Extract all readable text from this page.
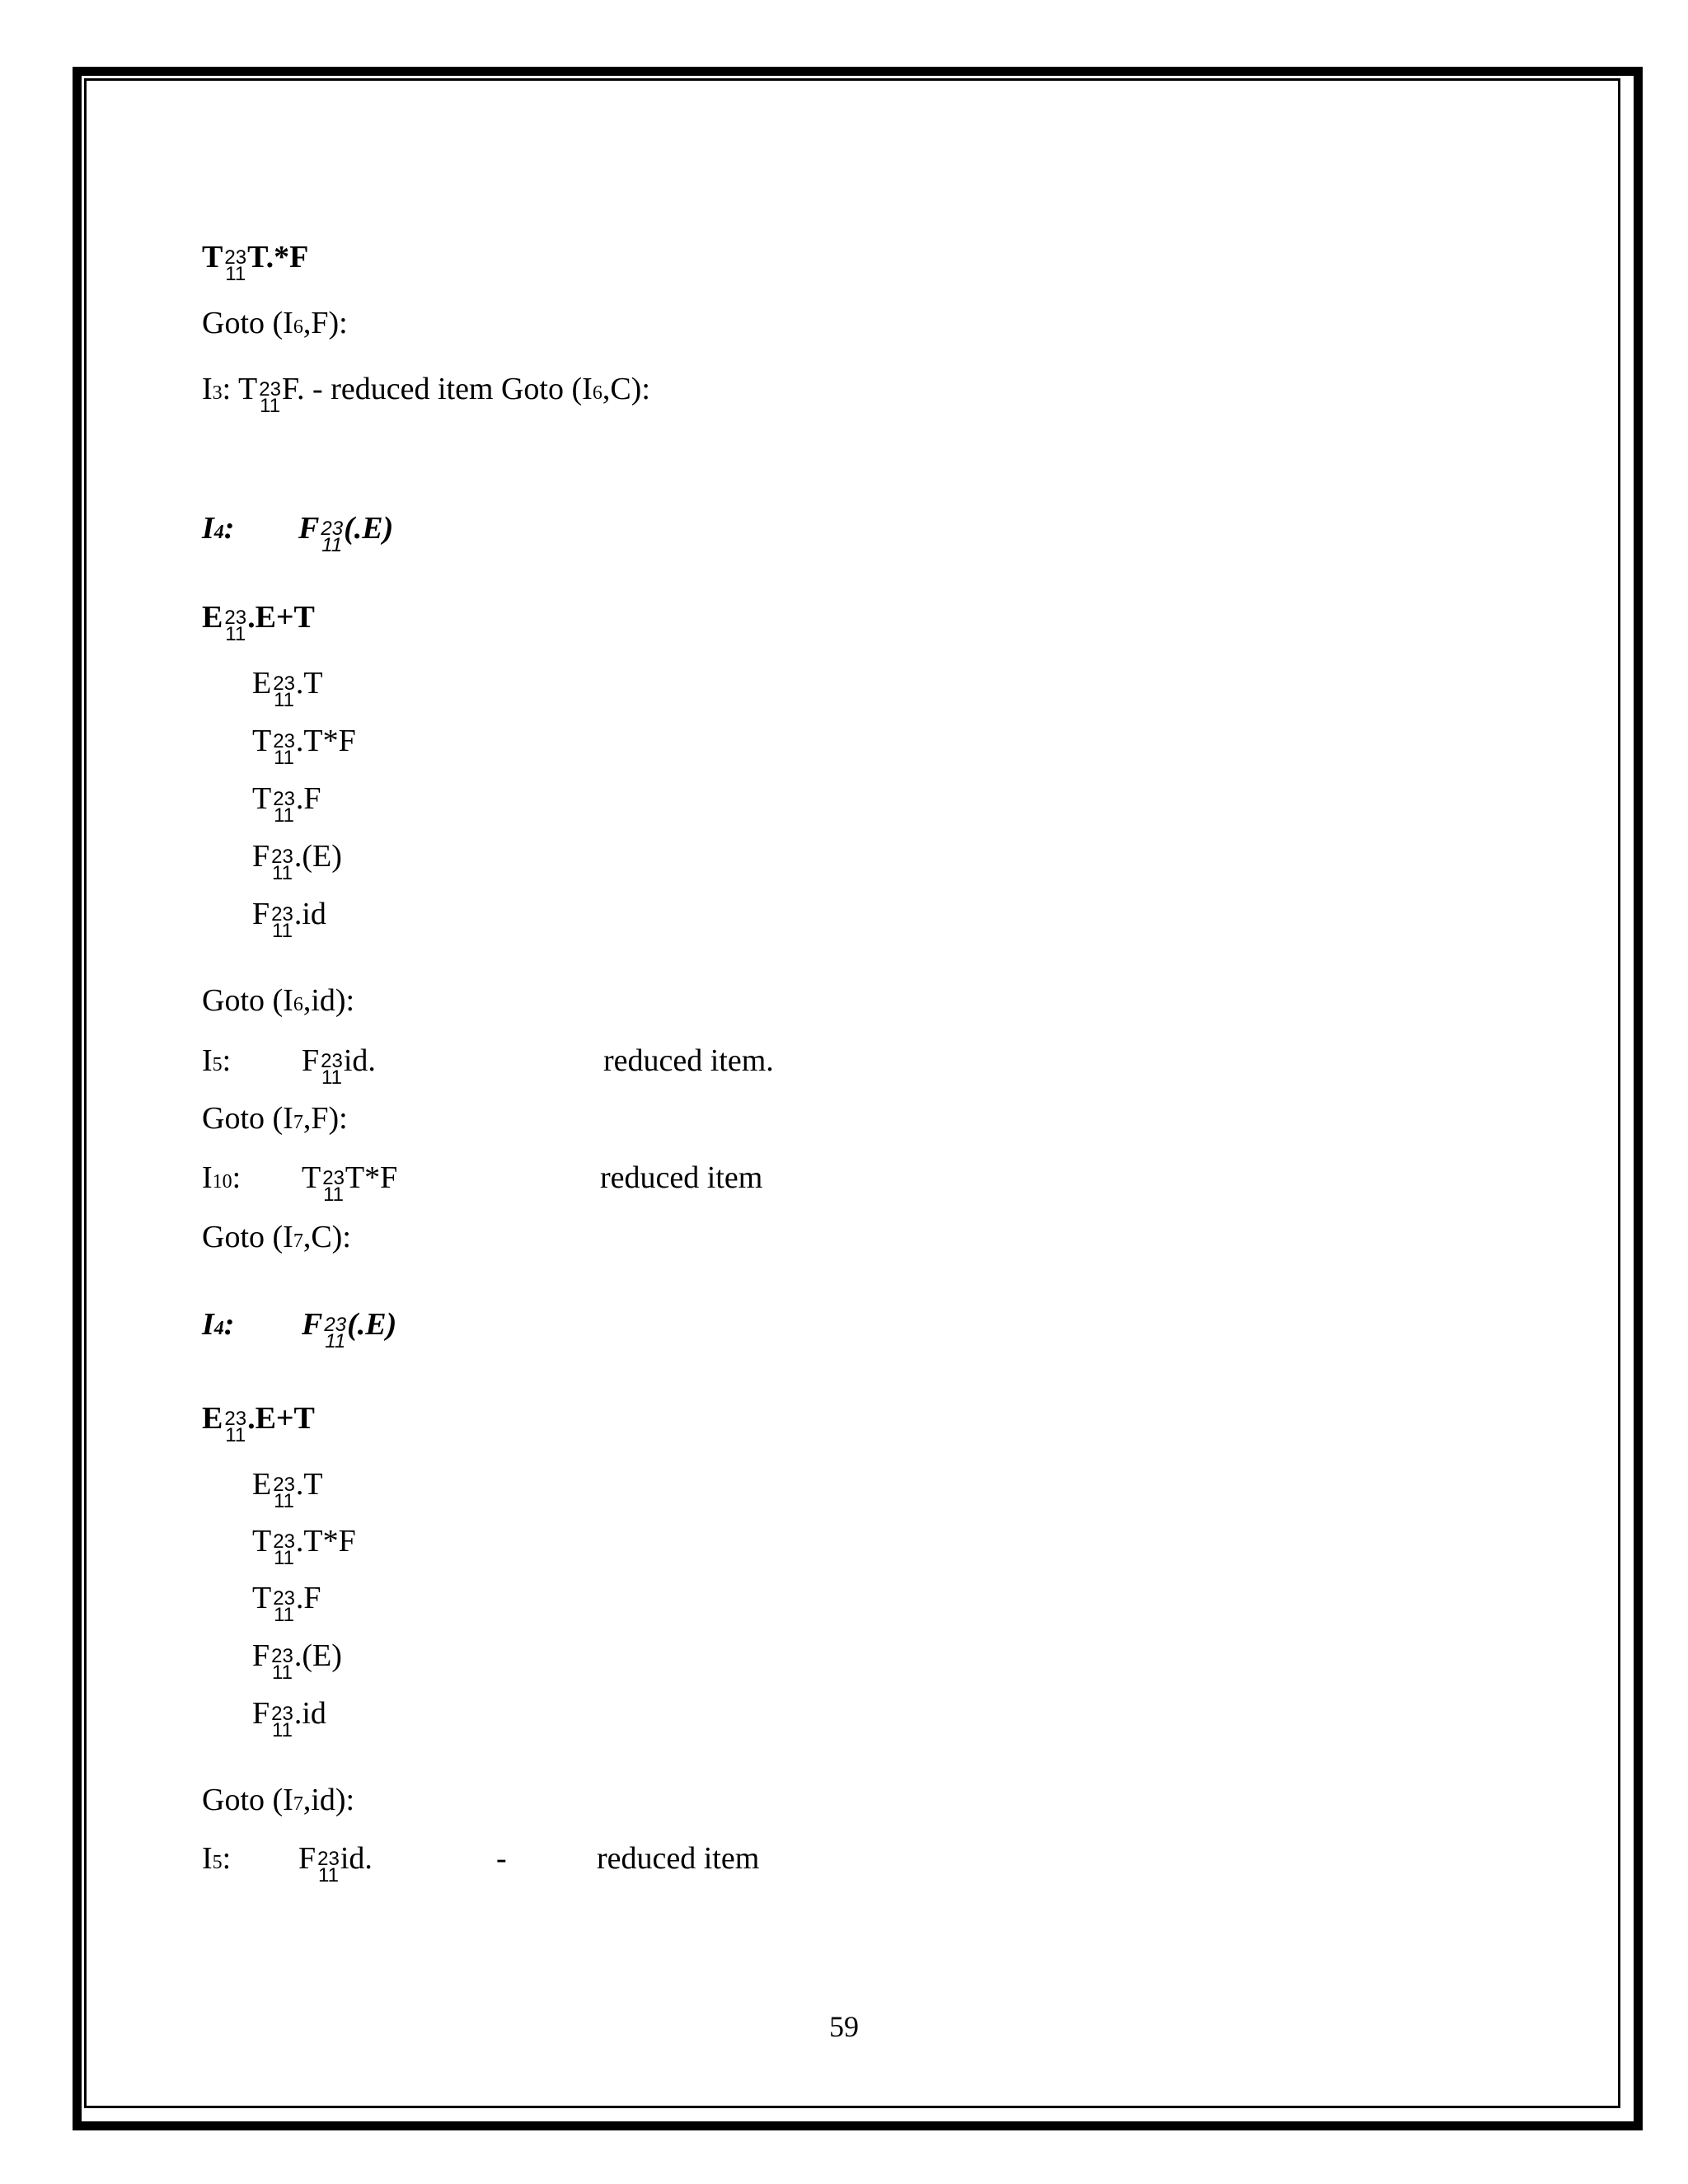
T 23
11 T.*F
Goto (I 6 ,F):
I 3 : T 23
11 F. - reduced item Goto (I 6 ,C):
I 4 : F 23
11 (.E)
E 23
11 .E+T
E 23
11 .T
T 23
11 .T*F
T 23
11 .F
F 23
11 .(E)
F 23
11 .id
Goto (I 6 ,id):
I 5 : F 23
11 id.	reduced item.
Goto (I 7 ,F):
I 10 : T 23
11 T*F	reduced item
Goto (I 7 ,C):
I 4 : F 23
11 (.E)
E 23
11 .E+T
E 23
11 .T
T 23
11 .T*F
T 23
11 .F
F 23
11 .(E)
F 23
11 .id
Goto (I 7 ,id):
I 5 : F 23
11 id.	-	reduced item
59
